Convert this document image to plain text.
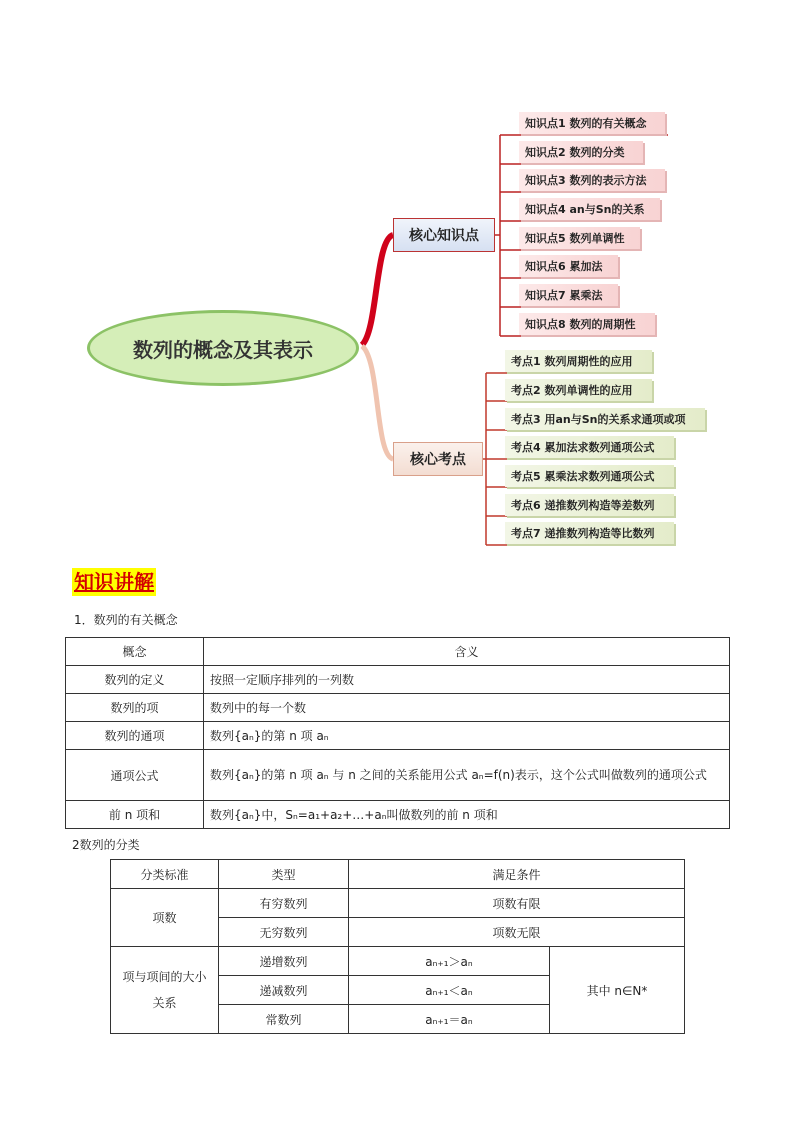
数列的概念及其表示
核心知识点
核心考点
知识点1 数列的有关概念
知识点2 数列的分类
知识点3 数列的表示方法
知识点4 an与Sn的关系
知识点5 数列单调性
知识点6 累加法
知识点7 累乘法
知识点8 数列的周期性
考点1 数列周期性的应用
考点2 数列单调性的应用
考点3 用an与Sn的关系求通项或项
考点4 累加法求数列通项公式
考点5 累乘法求数列通项公式
考点6 递推数列构造等差数列
考点7 递推数列构造等比数列
知识讲解
1．数列的有关概念
概念	含义
数列的定义	按照一定顺序排列的一列数
数列的项	数列中的每一个数
数列的通项	数列{aₙ}的第 n 项 aₙ
通项公式	数列{aₙ}的第 n 项 aₙ 与 n 之间的关系能用公式 aₙ=f(n)表示，这个公式叫做数列的通项公式
前 n 项和	数列{aₙ}中，Sₙ=a₁+a₂+…+aₙ叫做数列的前 n 项和
2数列的分类
分类标准	类型	满足条件	
项数	有穷数列	项数有限	
	无穷数列	项数无限	
项与项间的大小关系	递增数列	aₙ₊₁＞aₙ	其中 n∈N*
	递减数列	aₙ₊₁＜aₙ	
	常数列	aₙ₊₁＝aₙ	
